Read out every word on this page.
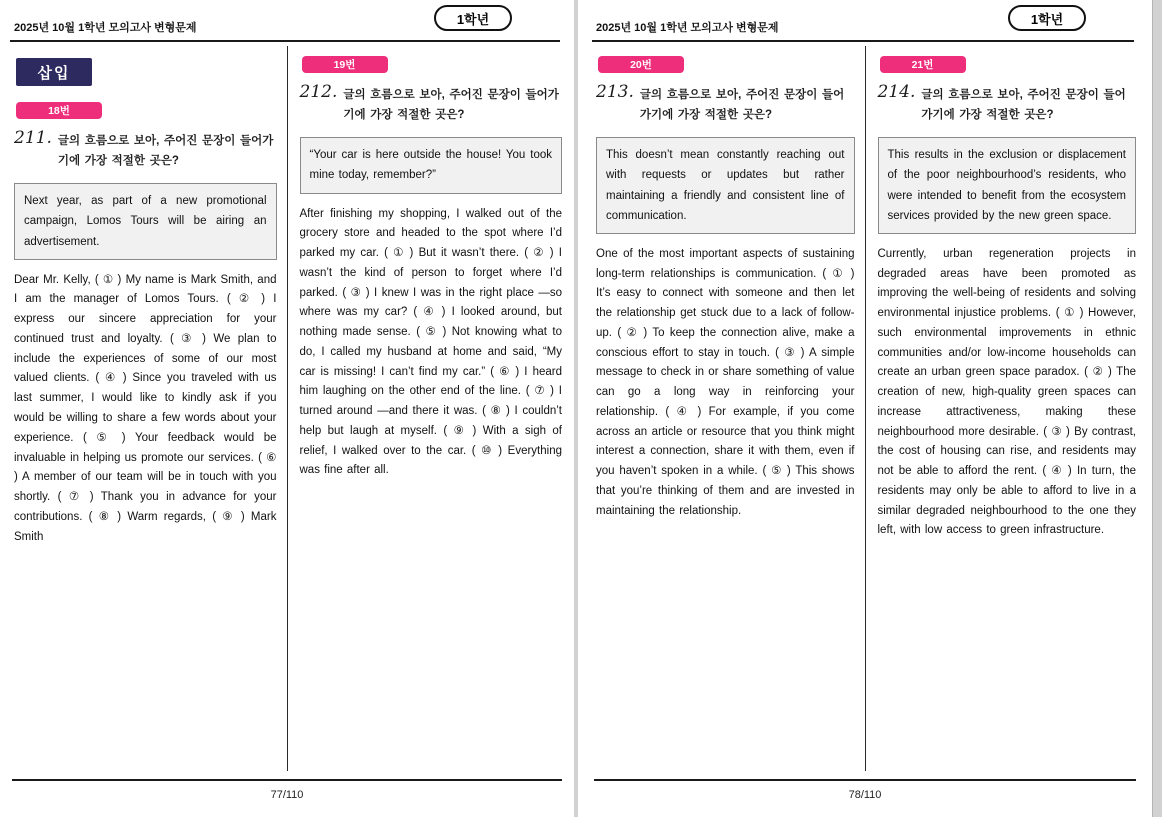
2025년 10월 1학년 모의고사 변형문제
1학년
삽입
18번
211. 글의 흐름으로 보아, 주어진 문장이 들어가기에 가장 적절한 곳은?
Next year, as part of a new promotional campaign, Lomos Tours will be airing an advertisement.
Dear Mr. Kelly, ( ① ) My name is Mark Smith, and I am the manager of Lomos Tours. ( ② ) I express our sincere appreciation for your continued trust and loyalty. ( ③ ) We plan to include the experiences of some of our most valued clients. ( ④ ) Since you traveled with us last summer, I would like to kindly ask if you would be willing to share a few words about your experience. ( ⑤ ) Your feedback would be invaluable in helping us promote our services. ( ⑥ ) A member of our team will be in touch with you shortly. ( ⑦ ) Thank you in advance for your contributions. ( ⑧ ) Warm regards, ( ⑨ ) Mark Smith
19번
212. 글의 흐름으로 보아, 주어진 문장이 들어가기에 가장 적절한 곳은?
“Your car is here outside the house! You took mine today, remember?”
After finishing my shopping, I walked out of the grocery store and headed to the spot where I’d parked my car. ( ① ) But it wasn’t there. ( ② ) I wasn’t the kind of person to forget where I’d parked. ( ③ ) I knew I was in the right place —so where was my car? ( ④ ) I looked around, but nothing made sense. ( ⑤ ) Not knowing what to do, I called my husband at home and said, “My car is missing! I can’t find my car.” ( ⑥ ) I heard him laughing on the other end of the line. ( ⑦ ) I turned around —and there it was. ( ⑧ ) I couldn’t help but laugh at myself. ( ⑨ ) With a sigh of relief, I walked over to the car. ( ⑩ ) Everything was fine after all.
77/110
2025년 10월 1학년 모의고사 변형문제
1학년
20번
213. 글의 흐름으로 보아, 주어진 문장이 들어가기에 가장 적절한 곳은?
This doesn’t mean constantly reaching out with requests or updates but rather maintaining a friendly and consistent line of communication.
One of the most important aspects of sustaining long-term relationships is communication. ( ① ) It’s easy to connect with someone and then let the relationship get stuck due to a lack of follow-up. ( ② ) To keep the connection alive, make a conscious effort to stay in touch. ( ③ ) A simple message to check in or share something of value can go a long way in reinforcing your relationship. ( ④ ) For example, if you come across an article or resource that you think might interest a connection, share it with them, even if you haven’t spoken in a while. ( ⑤ ) This shows that you’re thinking of them and are invested in maintaining the relationship.
21번
214. 글의 흐름으로 보아, 주어진 문장이 들어가기에 가장 적절한 곳은?
This results in the exclusion or displacement of the poor neighbourhood’s residents, who were intended to benefit from the ecosystem services provided by the new green space.
Currently, urban regeneration projects in degraded areas have been promoted as improving the well-being of residents and solving environmental injustice problems. ( ① ) However, such environmental improvements in ethnic communities and/or low-income households can create an urban green space paradox. ( ② ) The creation of new, high-quality green spaces can increase attractiveness, making these neighbourhood more desirable. ( ③ ) By contrast, the cost of housing can rise, and residents may not be able to afford the rent. ( ④ ) In turn, the residents may only be able to afford to live in a similar degraded neighbourhood to the one they left, with low access to green infrastructure.
78/110
